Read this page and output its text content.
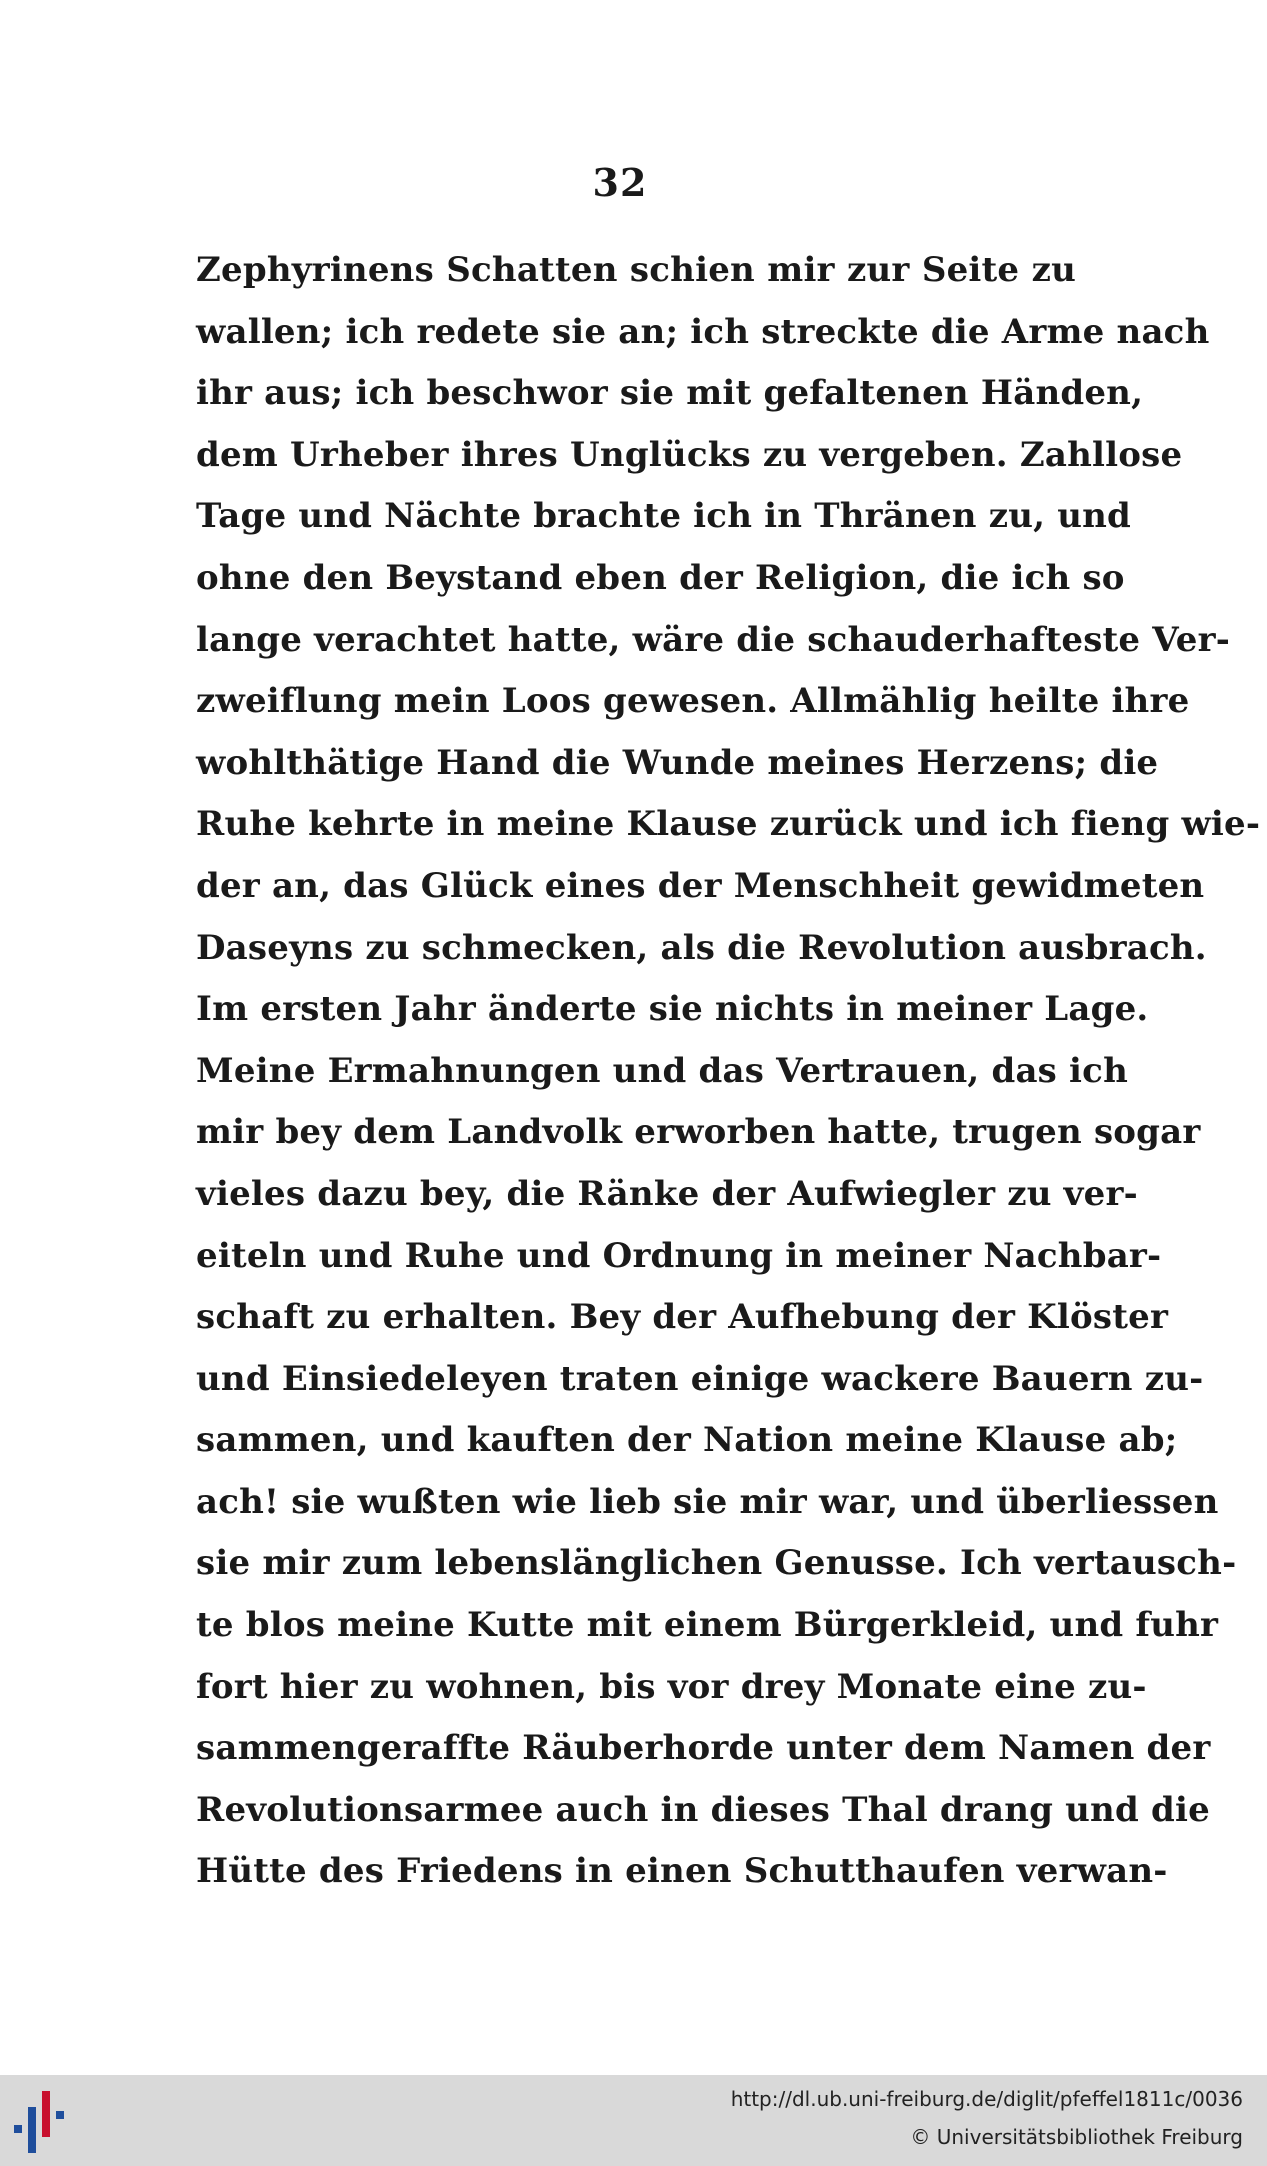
32
Zephyrinens Schatten schien mir zur Seite zu
wallen; ich redete sie an; ich streckte die Arme nach
ihr aus; ich beschwor sie mit gefaltenen Händen,
dem Urheber ihres Unglücks zu vergeben. Zahllose
Tage und Nächte brachte ich in Thränen zu, und
ohne den Beystand eben der Religion, die ich so
lange verachtet hatte, wäre die schauderhafteste Ver-
zweiflung mein Loos gewesen. Allmählig heilte ihre
wohlthätige Hand die Wunde meines Herzens; die
Ruhe kehrte in meine Klause zurück und ich fieng wie-
der an, das Glück eines der Menschheit gewidmeten
Daseyns zu schmecken, als die Revolution ausbrach.
Im ersten Jahr änderte sie nichts in meiner Lage.
Meine Ermahnungen und das Vertrauen, das ich
mir bey dem Landvolk erworben hatte, trugen sogar
vieles dazu bey, die Ränke der Aufwiegler zu ver-
eiteln und Ruhe und Ordnung in meiner Nachbar-
schaft zu erhalten. Bey der Aufhebung der Klöster
und Einsiedeleyen traten einige wackere Bauern zu-
sammen, und kauften der Nation meine Klause ab;
ach! sie wußten wie lieb sie mir war, und überliessen
sie mir zum lebenslänglichen Genusse. Ich vertausch-
te blos meine Kutte mit einem Bürgerkleid, und fuhr
fort hier zu wohnen, bis vor drey Monate eine zu-
sammengeraffte Räuberhorde unter dem Namen der
Revolutionsarmee auch in dieses Thal drang und die
Hütte des Friedens in einen Schutthaufen verwan-
http://dl.ub.uni-freiburg.de/diglit/pfeffel1811c/0036
© Universitätsbibliothek Freiburg
